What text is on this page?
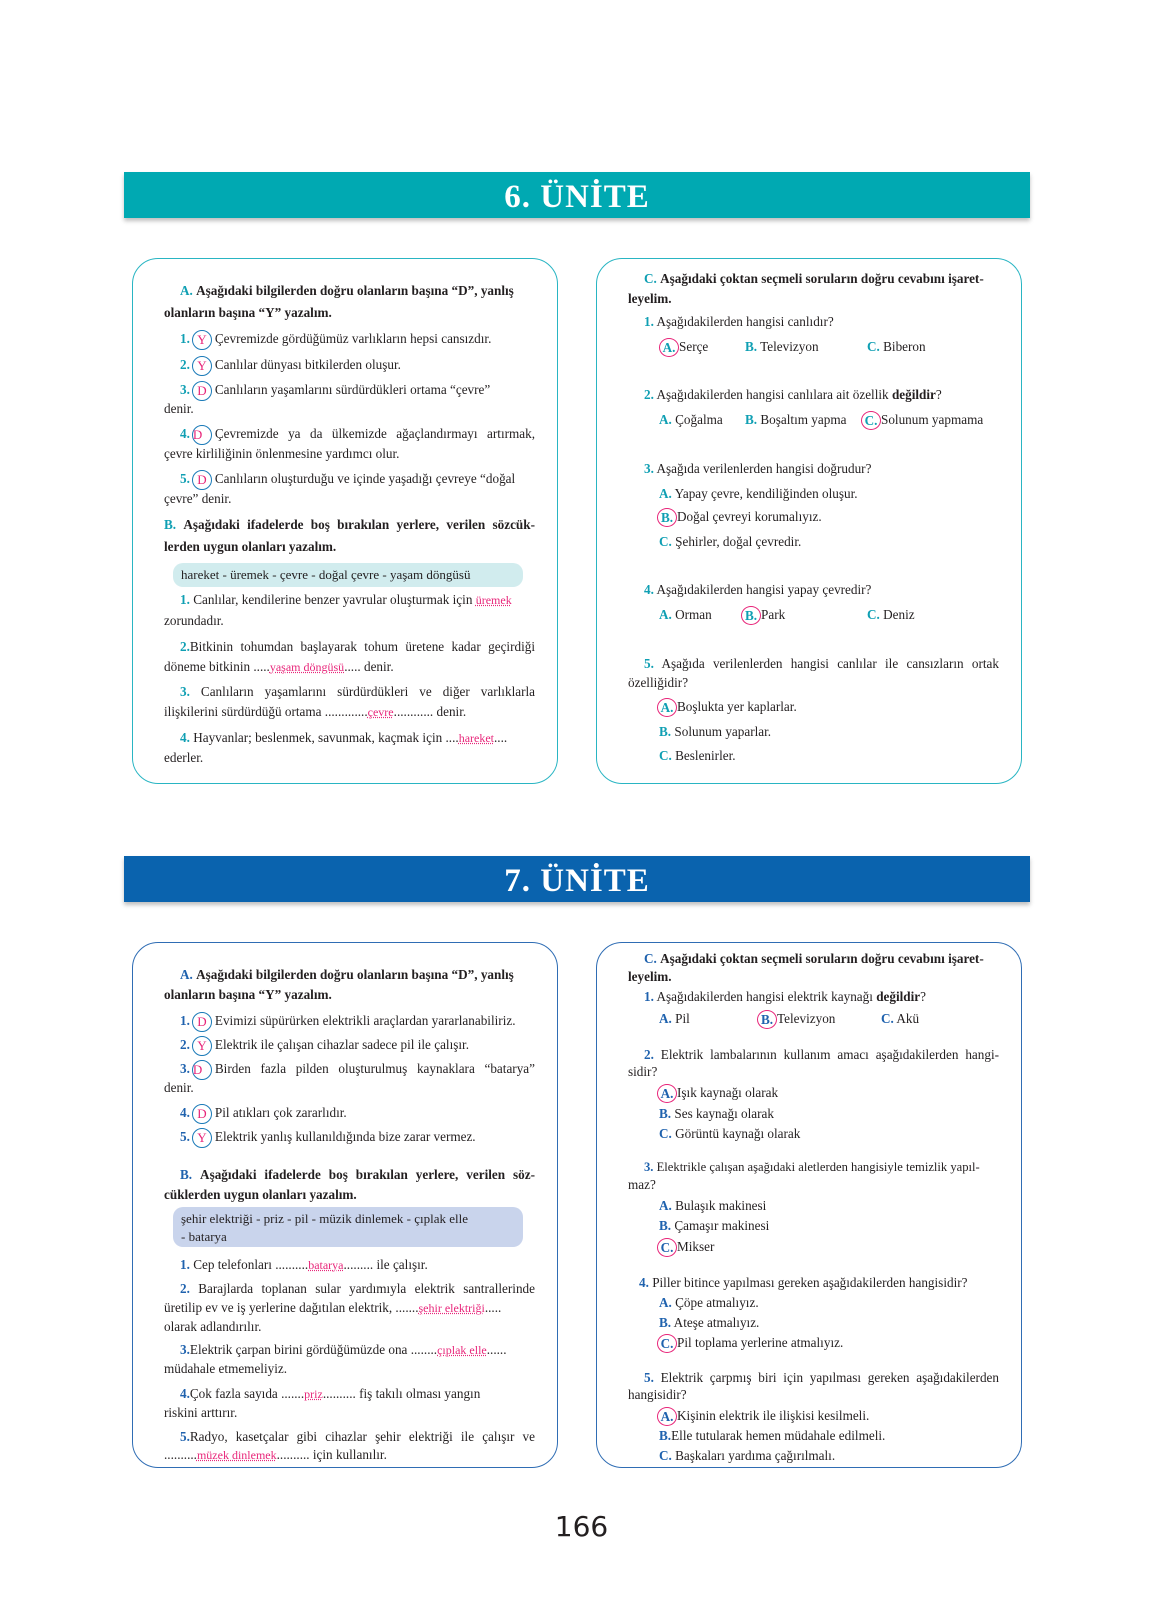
6. ÜNİTE
A. Aşağıdaki bilgilerden doğru olanların başına “D”, yanlış
olanların başına “Y” yazalım.
1. Y Çevremizde gördüğümüz varlıkların hepsi cansızdır.
2. Y Canlılar dünyası bitkilerden oluşur.
3. D Canlıların yaşamlarını sürdürdükleri ortama “çevre”
denir.
4. D Çevremizde ya da ülkemizde ağaçlandırmayı artırmak,
çevre kirliliğinin önlenmesine yardımcı olur.
5. D Canlıların oluşturduğu ve içinde yaşadığı çevreye “doğal
çevre” denir.
B. Aşağıdaki ifadelerde boş bırakılan yerlere, verilen sözcük-
lerden uygun olanları yazalım.
hareket - üremek - çevre - doğal çevre - yaşam döngüsü
1. Canlılar, kendilerine benzer yavrular oluşturmak için üremek
zorundadır.
2.Bitkinin tohumdan başlayarak tohum üretene kadar geçirdiği
döneme bitkinin .....yaşam döngüsü..... denir.
3. Canlıların yaşamlarını sürdürdükleri ve diğer varlıklarla
ilişkilerini sürdürdüğü ortama .............çevre............ denir.
4. Hayvanlar; beslenmek, savunmak, kaçmak için ....hareket....
ederler.
C. Aşağıdaki çoktan seçmeli soruların doğru cevabını işaret-
leyelim.
1. Aşağıdakilerden hangisi canlıdır?
A. Serçe	B. Televizyon	C. Biberon
2. Aşağıdakilerden hangisi canlılara ait özellik değildir?
A. Çoğalma B. Boşaltım yapma C. Solunum yapmama
3. Aşağıda verilenlerden hangisi doğrudur?
A. Yapay çevre, kendiliğinden oluşur.
B. Doğal çevreyi korumalıyız.
C. Şehirler, doğal çevredir.
4. Aşağıdakilerden hangisi yapay çevredir?
A. Orman	B. Park	C. Deniz
5. Aşağıda verilenlerden hangisi canlılar ile cansızların ortak
özelliğidir?
A. Boşlukta yer kaplarlar.
B. Solunum yaparlar.
C. Beslenirler.
7. ÜNİTE
A. Aşağıdaki bilgilerden doğru olanların başına “D”, yanlış
olanların başına “Y” yazalım.
1. D Evimizi süpürürken elektrikli araçlardan yararlanabiliriz.
2. Y Elektrik ile çalışan cihazlar sadece pil ile çalışır.
3. D Birden fazla pilden oluşturulmuş kaynaklara “batarya”
denir.
4. D Pil atıkları çok zararlıdır.
5. Y Elektrik yanlış kullanıldığında bize zarar vermez.
B. Aşağıdaki ifadelerde boş bırakılan yerlere, verilen söz-
cüklerden uygun olanları yazalım.
şehir elektriği - priz - pil - müzik dinlemek - çıplak elle
- batarya
1. Cep telefonları ..........batarya......... ile çalışır.
2. Barajlarda toplanan sular yardımıyla elektrik santrallerinde
üretilip ev ve iş yerlerine dağıtılan elektrik, .......şehir elektriği.....
olarak adlandırılır.
3.Elektrik çarpan birini gördüğümüzde ona ........çıplak elle......
müdahale etmemeliyiz.
4.Çok fazla sayıda .......priz.......... fiş takılı olması yangın
riskini arttırır.
5.Radyo, kasetçalar gibi cihazlar şehir elektriği ile çalışır ve
..........müzek dinlemek.......... için kullanılır.
C. Aşağıdaki çoktan seçmeli soruların doğru cevabını işaret-
leyelim.
1. Aşağıdakilerden hangisi elektrik kaynağı değildir?
A. Pil	B. Televizyon	C. Akü
2. Elektrik lambalarının kullanım amacı aşağıdakilerden hangi-
sidir?
A. Işık kaynağı olarak
B. Ses kaynağı olarak
C. Görüntü kaynağı olarak
3. Elektrikle çalışan aşağıdaki aletlerden hangisiyle temizlik yapıl-
maz?
A. Bulaşık makinesi
B. Çamaşır makinesi
C. Mikser
4. Piller bitince yapılması gereken aşağıdakilerden hangisidir?
A. Çöpe atmalıyız.
B. Ateşe atmalıyız.
C. Pil toplama yerlerine atmalıyız.
5. Elektrik çarpmış biri için yapılması gereken aşağıdakilerden
hangisidir?
A. Kişinin elektrik ile ilişkisi kesilmeli.
B.Elle tutularak hemen müdahale edilmeli.
C. Başkaları yardıma çağırılmalı.
166
